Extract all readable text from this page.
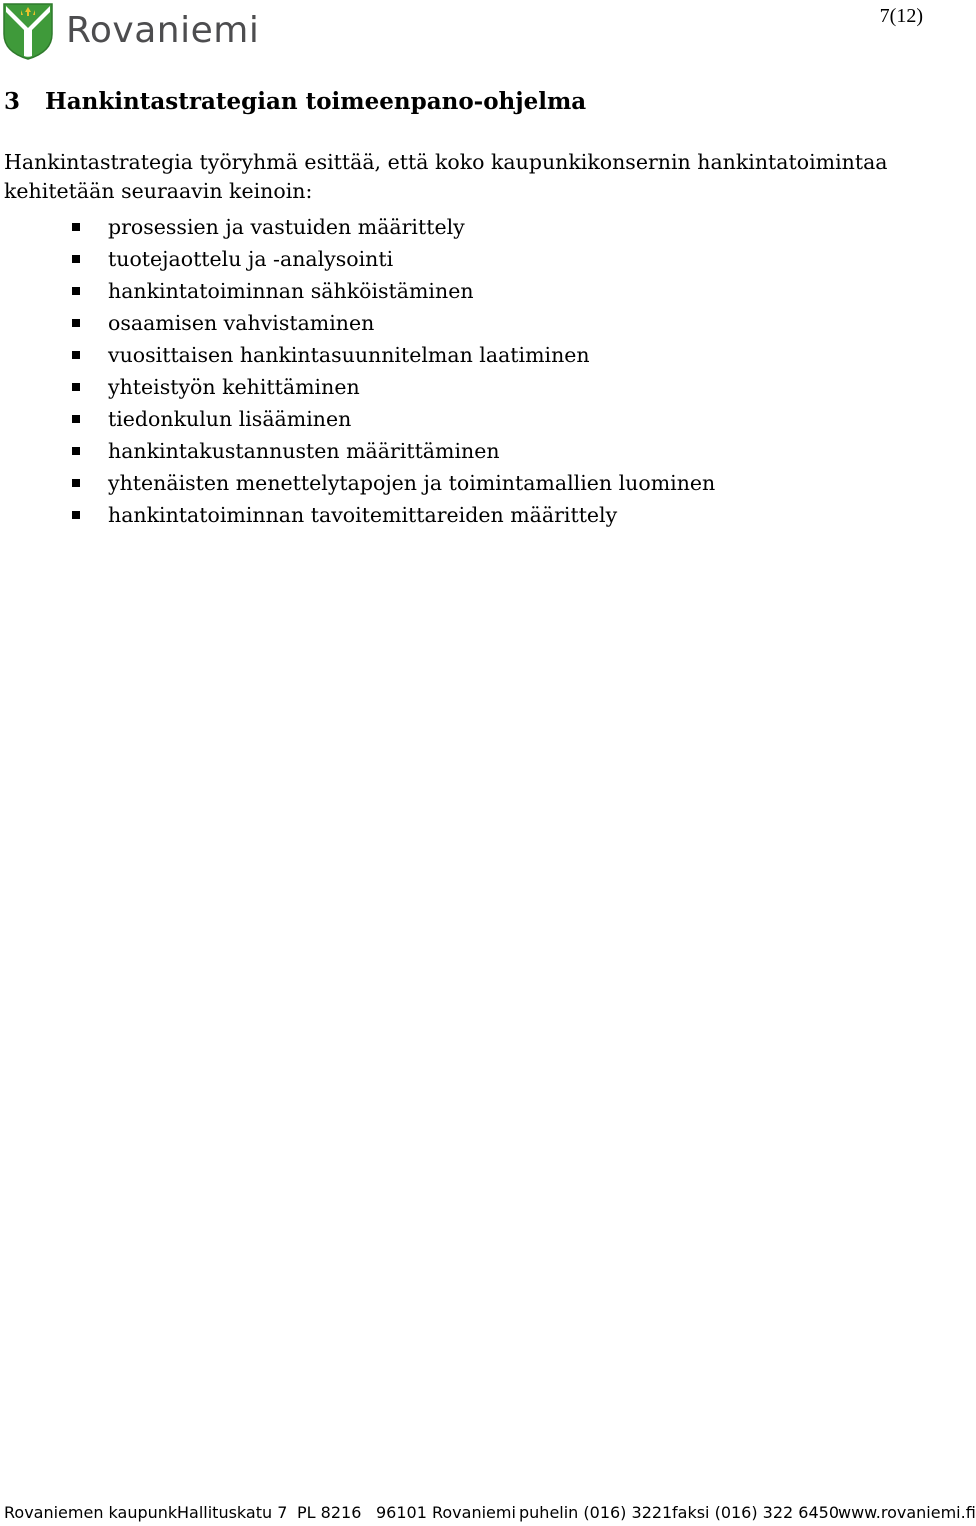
Rovaniemi	7(12)
3 Hankintastrategian toimeenpano-ohjelma

Hankintastrategia työryhmä esittää, että koko kaupunkikonsernin hankintatoimintaa kehitetään seuraavin keinoin:

prosessien ja vastuiden määrittely
tuotejaottelu ja -analysointi
hankintatoiminnan sähköistäminen
osaamisen vahvistaminen
vuosittaisen hankintasuunnitelman laatiminen
yhteistyön kehittäminen
tiedonkulun lisääminen
hankintakustannusten määrittäminen
yhtenäisten menettelytapojen ja toimintamallien luominen
hankintatoiminnan tavoitemittareiden määrittely
Rovaniemen kaupunki
Hallituskatu 7 PL 8216 96101 Rovaniemi puhelin (016) 3221 faksi (016) 322 6450
www.rovaniemi.fi
